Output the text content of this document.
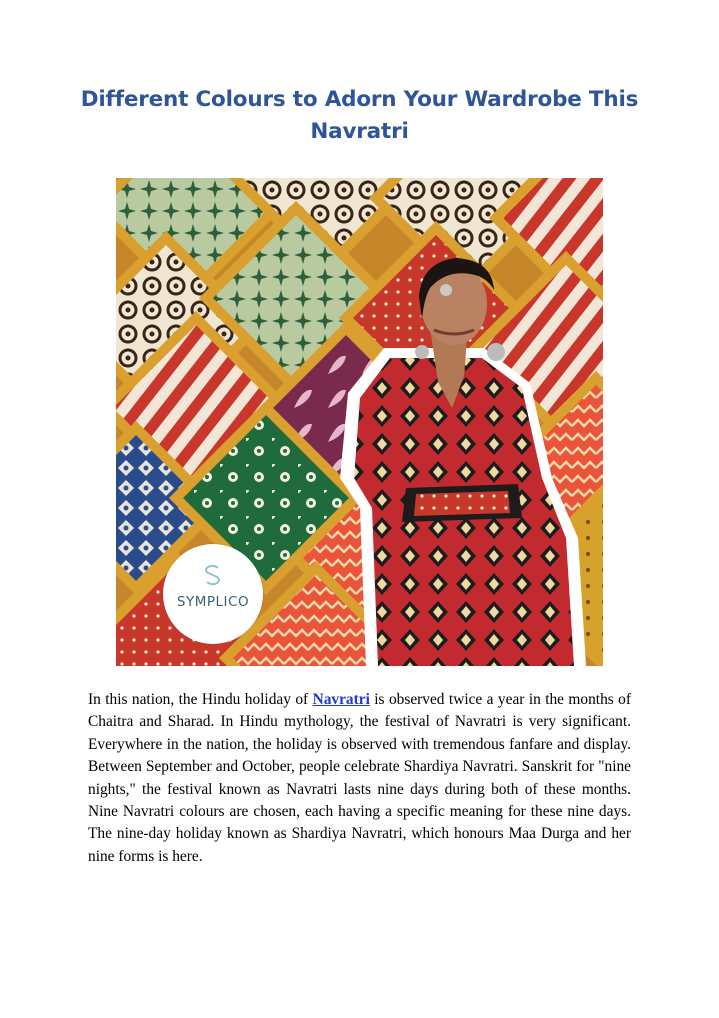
Different Colours to Adorn Your Wardrobe This Navratri
SYMPLICO

In this nation, the Hindu holiday of Navratri is observed twice a year in the months of Chaitra and Sharad. In Hindu mythology, the festival of Navratri is very significant. Everywhere in the nation, the holiday is observed with tremendous fanfare and display. Between September and October, people celebrate Shardiya Navratri. Sanskrit for "nine nights," the festival known as Navratri lasts nine days during both of these months. Nine Navratri colours are chosen, each having a specific meaning for these nine days. The nine-day holiday known as Shardiya Navratri, which honours Maa Durga and her nine forms is here.
